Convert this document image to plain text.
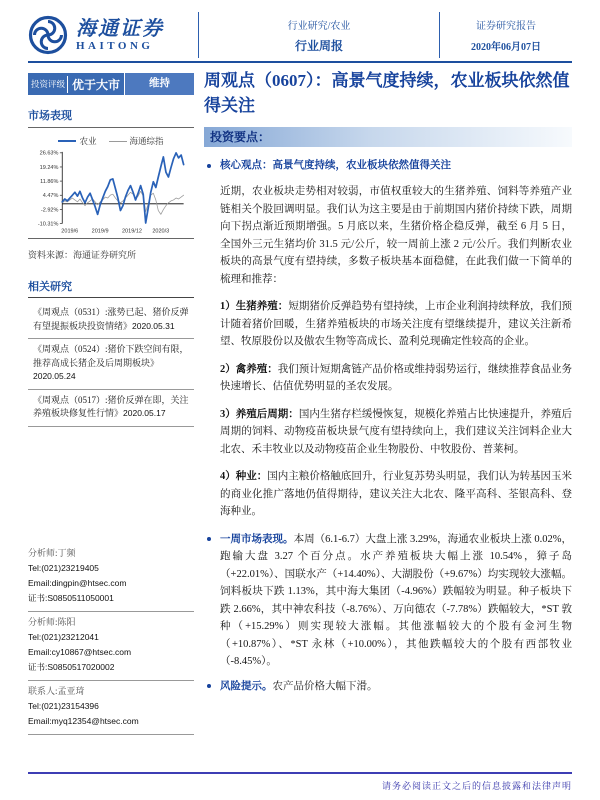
海通证券
HAITONG
行业研究/农业
行业周报
证券研究报告
2020年06月07日
投资评级 优于大市	维持
市场表现
农业	海通综指
26.63%
19.24%
11.86%
4.47%
-2.92%
-10.31%
2019/6 2019/9 2019/12 2020/3
资料来源：海通证券研究所
相关研究
《周观点（0531）:涨势已起、猪价反弹有望提振板块投资情绪》2020.05.31
《周观点（0524）:猪价下跌空间有限，推荐高成长猪企及后周期板块》2020.05.24
《周观点（0517）:猪价反弹在即，关注养殖板块修复性行情》2020.05.17
分析师:丁频
Tel:(021)23219405
Email:dingpin@htsec.com
证书:S0850511050001
分析师:陈阳
Tel:(021)23212041
Email:cy10867@htsec.com
证书:S0850517020002
联系人:孟亚琦
Tel:(021)23154396
Email:myq12354@htsec.com
周观点（0607）：高景气度持续，农业板块依然值得关注
投资要点：
核心观点：高景气度持续，农业板块依然值得关注

近期，农业板块走势相对较弱，市值权重较大的生猪养殖、饲料等养殖产业链相关个股回调明显。我们认为这主要是由于前期国内猪价持续下跌，周期向下拐点渐近预期增强。5 月底以来，生猪价格企稳反弹，截至 6 月 5 日，全国外三元生猪均价 31.5 元/公斤，较一周前上涨 2 元/公斤。我们判断农业板块的高景气度有望持续，多数子板块基本面稳健，在此我们做一下简单的梳理和推荐：

1）生猪养殖：短期猪价反弹趋势有望持续，上市企业利润持续释放，我们预计随着猪价回暖，生猪养殖板块的市场关注度有望继续提升，建议关注新希望、牧原股份以及傲农生物等高成长、盈利兑现确定性较高的企业。

2）禽养殖：我们预计短期禽链产品价格或维持弱势运行，继续推荐食品业务快速增长、估值优势明显的圣农发展。

3）养殖后周期：国内生猪存栏缓慢恢复，规模化养殖占比快速提升，养殖后周期的饲料、动物疫苗板块景气度有望持续向上，我们建议关注饲料企业大北农、禾丰牧业以及动物疫苗企业生物股份、中牧股份、普莱柯。

4）种业：国内主粮价格触底回升，行业复苏势头明显，我们认为转基因玉米的商业化推广落地仍值得期待，建议关注大北农、隆平高科、荃银高科、登海种业。

一周市场表现。本周（6.1-6.7）大盘上涨 3.29%，海通农业板块上涨 0.02%，跑输大盘 3.27 个百分点。水产养殖板块大幅上涨 10.54%，獐子岛（+22.01%）、国联水产（+14.40%）、大湖股份（+9.67%）均实现较大涨幅。饲料板块下跌 1.13%，其中海大集团（-4.96%）跌幅较为明显。种子板块下跌 2.66%，其中神农科技（-8.76%）、万向德农（-7.78%）跌幅较大，*ST 敦种（+15.29%）则实现较大涨幅。其他涨幅较大的个股有金河生物（+10.87%）、*ST 永林（+10.00%），其他跌幅较大的个股有西部牧业（-8.45%）。

风险提示。农产品价格大幅下滑。

请务必阅读正文之后的信息披露和法律声明
